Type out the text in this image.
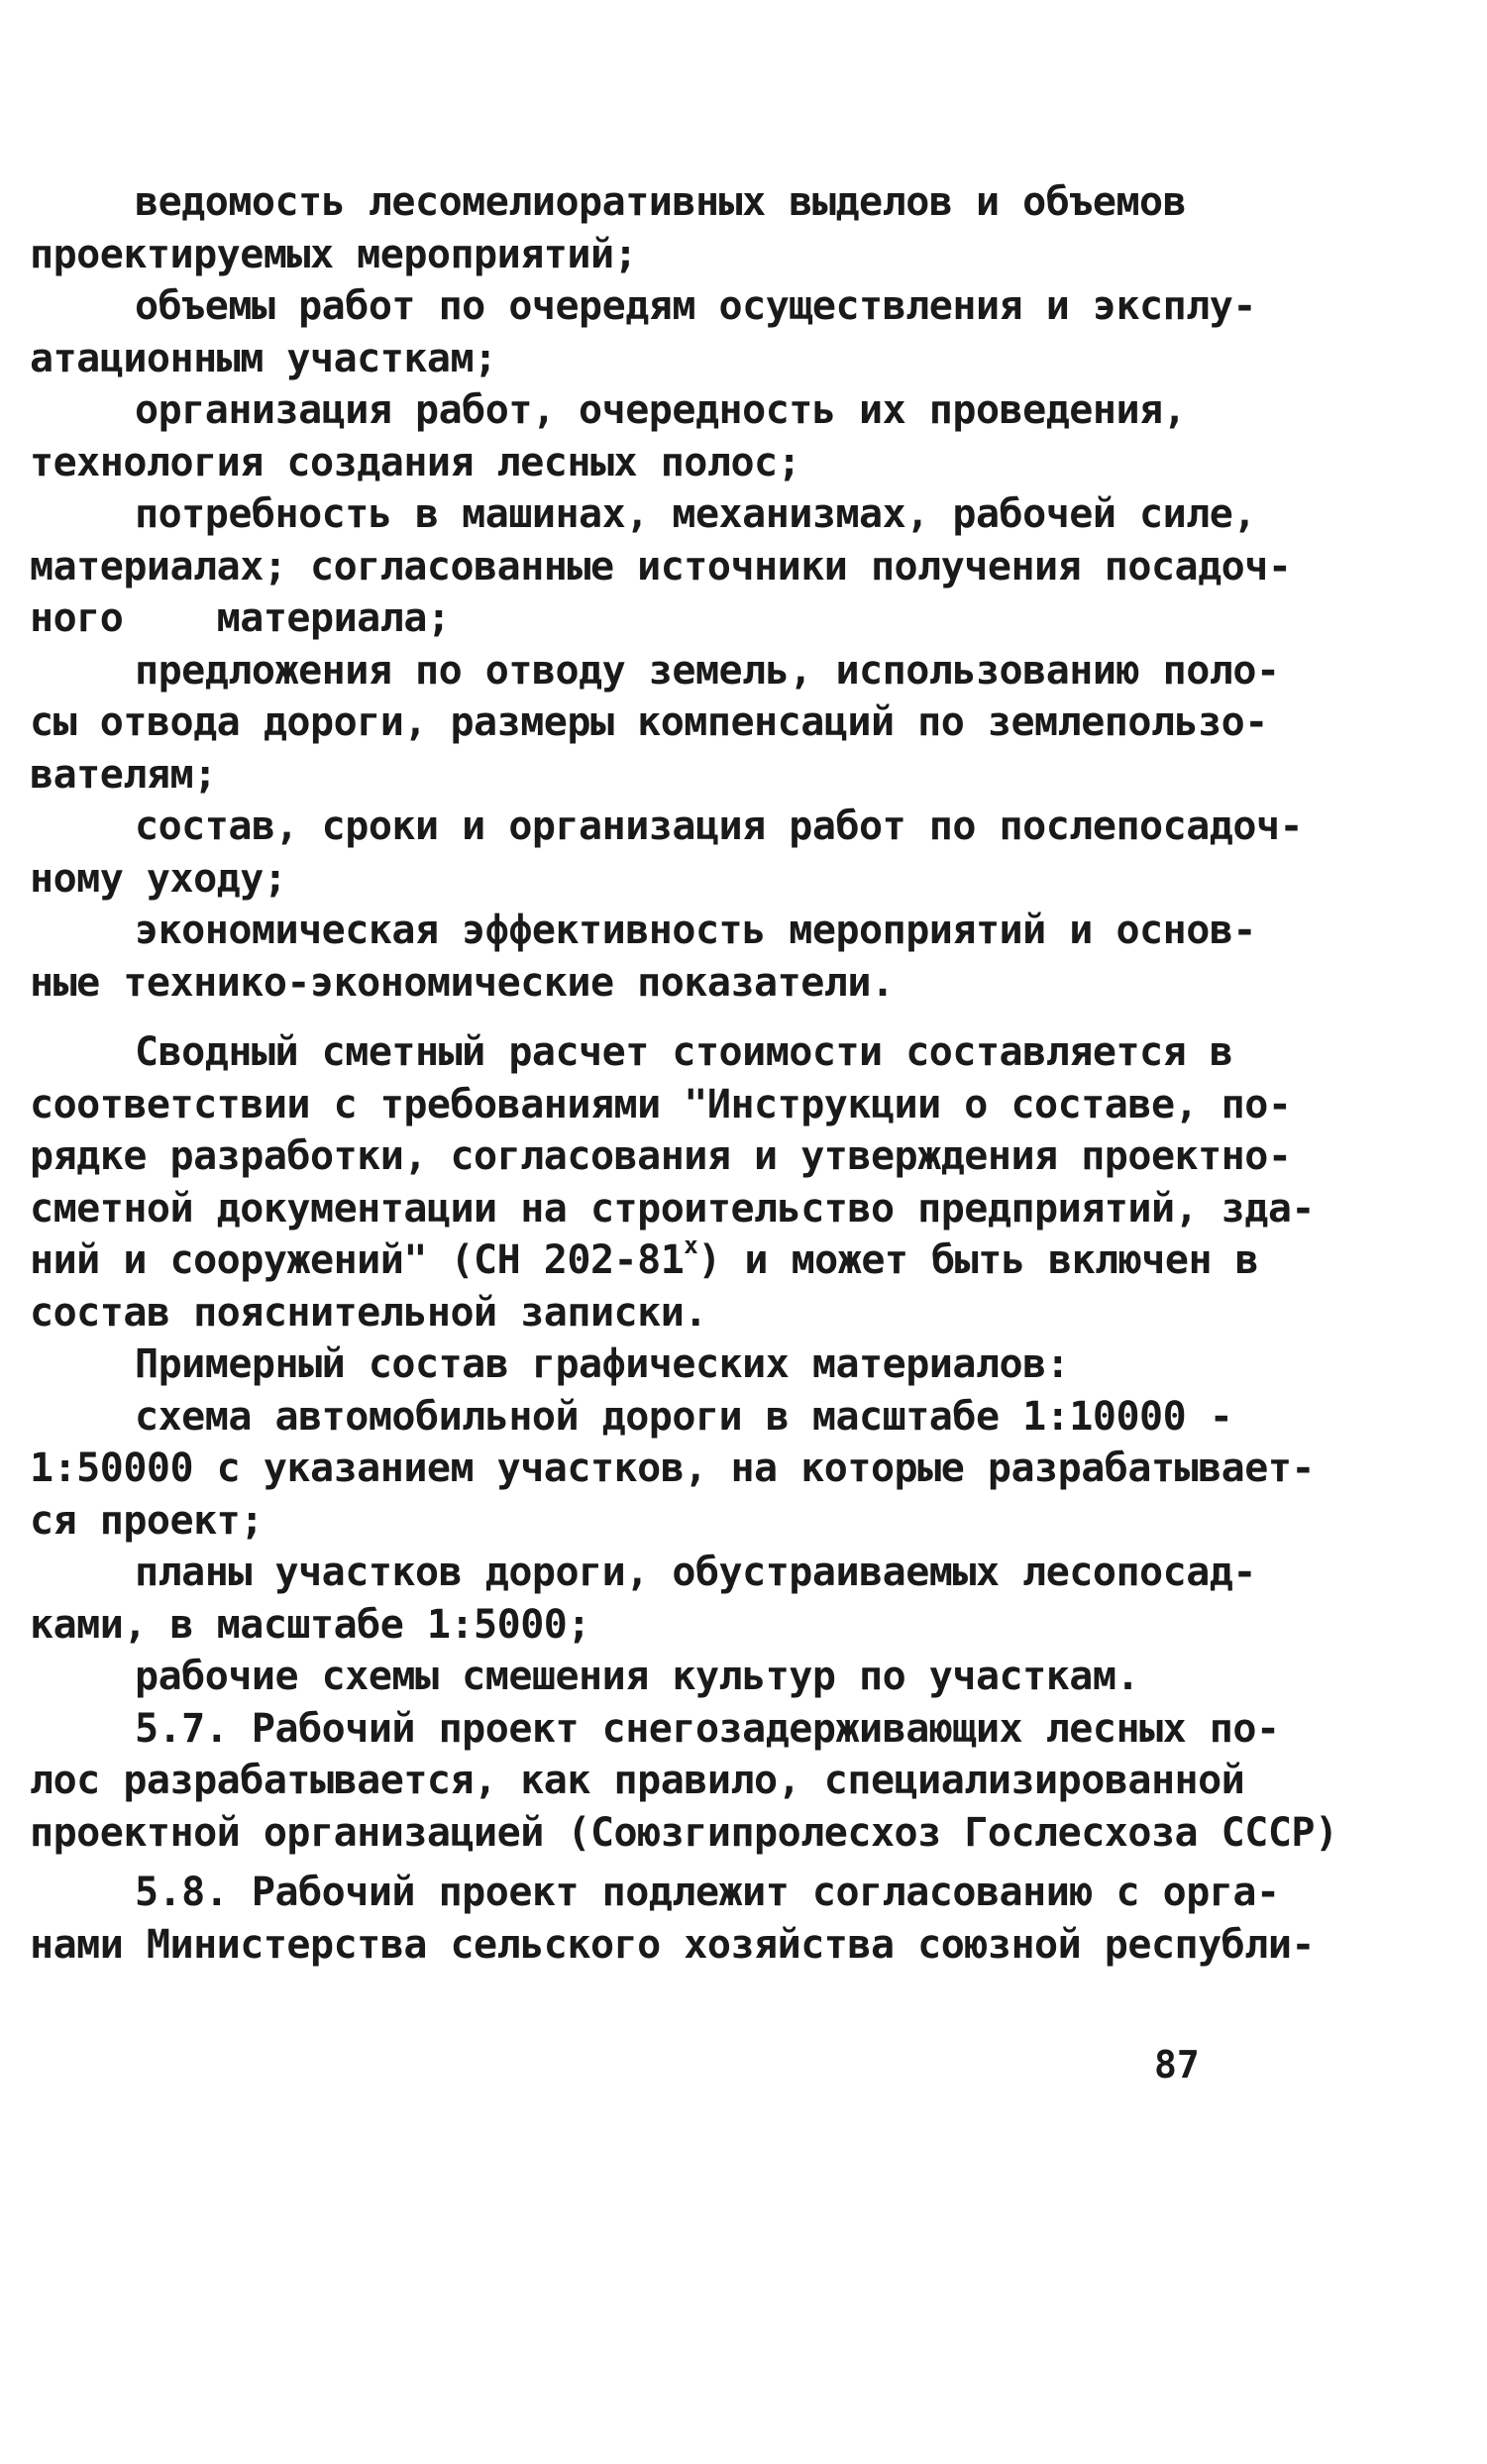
ведомость лесомелиоративных выделов и объемов
проектируемых мероприятий;
объемы работ по очередям осуществления и эксплу-
атационным участкам;
организация работ, очередность их проведения,
технология создания лесных полос;
потребность в машинах, механизмах, рабочей силе,
материалах; согласованные источники получения посадоч-
ного    материала;
предложения по отводу земель, использованию поло-
сы отвода дороги, размеры компенсаций по землепользо-
вателям;
состав, сроки и организация работ по послепосадоч-
ному уходу;
экономическая эффективность мероприятий и основ-
ные технико-экономические показатели.
Сводный сметный расчет стоимости составляется в
соответствии с требованиями "Инструкции о составе, по-
рядке разработки, согласования и утверждения проектно-
сметной документации на строительство предприятий, зда-
ний и сооружений" (СН $202-81^х$) и может быть включен в
состав пояснительной записки.
Примерный состав графических материалов:
схема автомобильной дороги в масштабе 1:10000 -
1:50000 с указанием участков, на которые разрабатывает-
ся проект;
планы участков дороги, обустраиваемых лесопосад-
ками, в масштабе 1:5000;
рабочие схемы смешения культур по участкам.
5.7. Рабочий проект снегозадерживающих лесных по-
лос разрабатывается, как правило, специализированной
проектной организацией (Союзгипролесхоз Гослесхоза СССР)
5.8. Рабочий проект подлежит согласованию с орга-
нами Министерства сельского хозяйства союзной республи-
87
